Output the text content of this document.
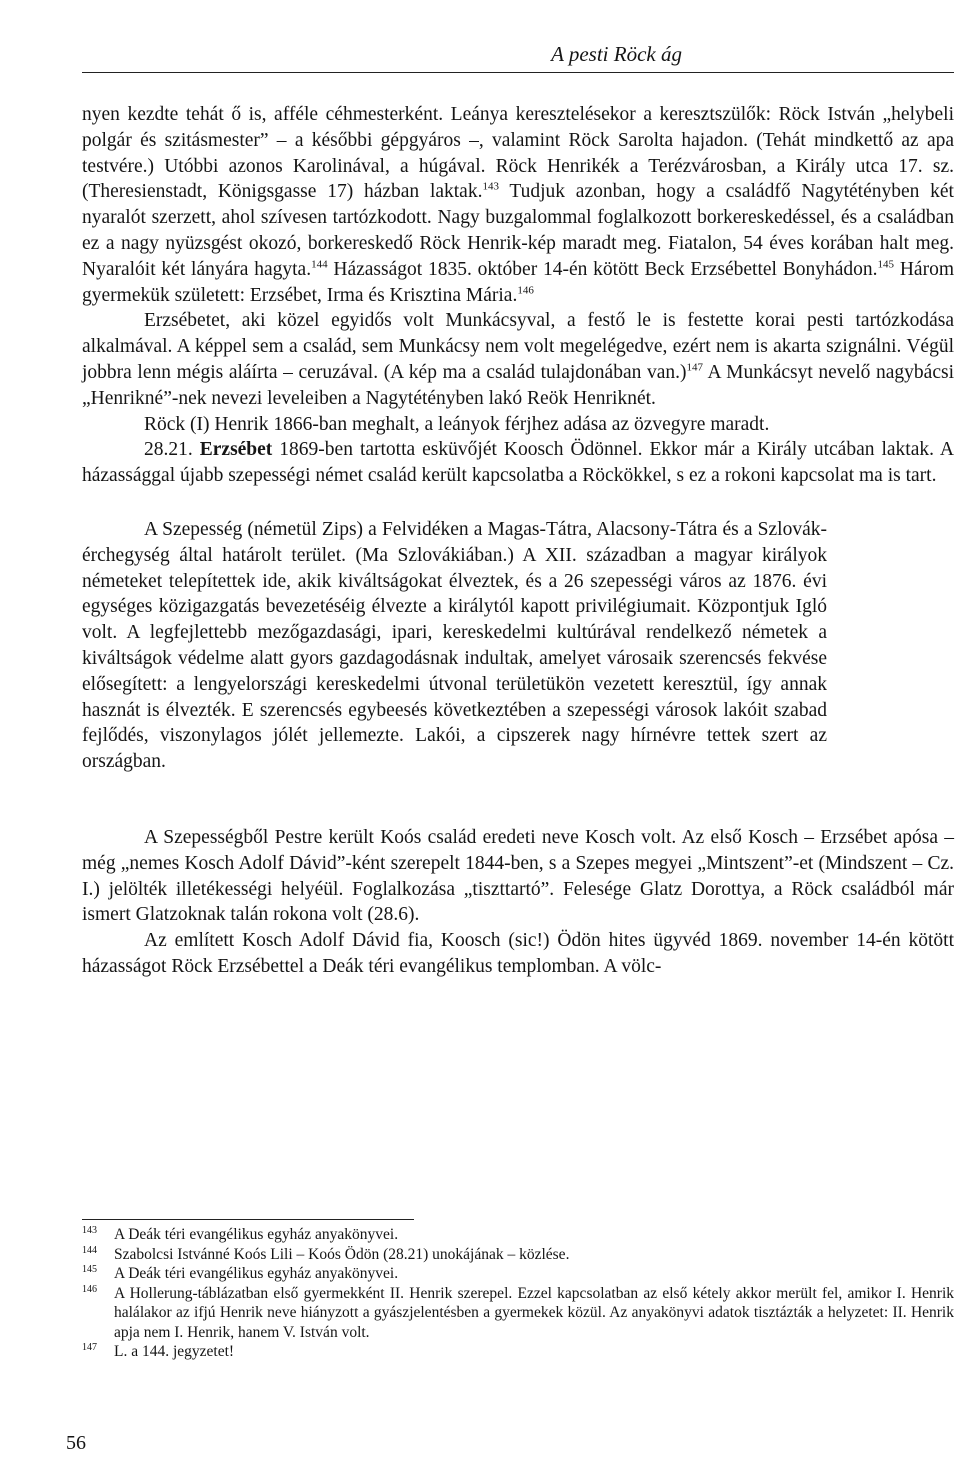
A pesti Röck ág

nyen kezdte tehát ő is, afféle céhmesterként. Leánya keresztelésekor a keresztszülők: Röck István „helybeli polgár és szitásmester” – a későbbi gépgyáros –, valamint Röck Sarolta hajadon. (Tehát mindkettő az apa testvére.) Utóbbi azonos Karolinával, a húgával. Röck Henrikék a Terézvárosban, a Király utca 17. sz. (Theresienstadt, Königsgasse 17) házban laktak.$^{143}$ Tudjuk azonban, hogy a családfő Nagytétényben két nyaralót szerzett, ahol szívesen tartózkodott. Nagy buzgalommal foglalkozott borkereskedéssel, és a családban ez a nagy nyüzsgést okozó, borkereskedő Röck Henrik-kép maradt meg. Fiatalon, 54 éves korában halt meg. Nyaralóit két lányára hagyta.$^{144}$ Házasságot 1835. október 14-én kötött Beck Erzsébettel Bonyhádon.$^{145}$ Három gyermekük született: Erzsébet, Irma és Krisztina Mária.$^{146}$

Erzsébetet, aki közel egyidős volt Munkácsyval, a festő le is festette korai pesti tartózkodása alkalmával. A képpel sem a család, sem Munkácsy nem volt megelégedve, ezért nem is akarta szignálni. Végül jobbra lenn mégis aláírta – ceruzával. (A kép ma a család tulajdonában van.)$^{147}$ A Munkácsyt nevelő nagybácsi „Henrikné”-nek nevezi leveleiben a Nagytétényben lakó Reök Henriknét.

Röck (I) Henrik 1866-ban meghalt, a leányok férjhez adása az özvegyre maradt.

28.21. Erzsébet 1869-ben tartotta esküvőjét Koosch Ödönnel. Ekkor már a Király utcában laktak. A házassággal újabb szepességi német család került kapcsolatba a Röckökkel, s ez a rokoni kapcsolat ma is tart.

A Szepesség (németül Zips) a Felvidéken a Magas-Tátra, Alacsony-Tátra és a Szlovák-érchegység által határolt terület. (Ma Szlovákiában.) A XII. században a magyar királyok németeket telepítettek ide, akik kiváltságokat élveztek, és a 26 szepességi város az 1876. évi egységes közigazgatás bevezetéséig élvezte a királytól kapott privilégiumait. Központjuk Igló volt. A legfejlettebb mezőgazdasági, ipari, kereskedelmi kultúrával rendelkező németek a kiváltságok védelme alatt gyors gazdagodásnak indultak, amelyet városaik szerencsés fekvése elősegített: a lengyelországi kereskedelmi útvonal területükön vezetett keresztül, így annak hasznát is élvezték. E szerencsés egybeesés következtében a szepességi városok lakóit szabad fejlődés, viszonylagos jólét jellemezte. Lakói, a cipszerek nagy hírnévre tettek szert az országban.

A Szepességből Pestre került Koós család eredeti neve Kosch volt. Az első Kosch – Erzsébet apósa – még „nemes Kosch Adolf Dávid”-ként szerepelt 1844-ben, s a Szepes megyei „Mintszent”-et (Mindszent – Cz. I.) jelölték illetékességi helyéül. Foglalkozása „tiszttartó”. Felesége Glatz Dorottya, a Röck családból már ismert Glatzoknak talán rokona volt (28.6).

Az említett Kosch Adolf Dávid fia, Koosch (sic!) Ödön hites ügyvéd 1869. november 14-én kötött házasságot Röck Erzsébettel a Deák téri evangélikus templomban. A völc-

$^{143}$ A Deák téri evangélikus egyház anyakönyvei.
$^{144}$ Szabolcsi Istvánné Koós Lili – Koós Ödön (28.21) unokájának – közlése.
$^{145}$ A Deák téri evangélikus egyház anyakönyvei.
$^{146}$ A Hollerung-táblázatban első gyermekként II. Henrik szerepel. Ezzel kapcsolatban az első kétely akkor merült fel, amikor I. Henrik halálakor az ifjú Henrik neve hiányzott a gyászjelentésben a gyermekek közül. Az anyakönyvi adatok tisztázták a helyzetet: II. Henrik apja nem I. Henrik, hanem V. István volt.
$^{147}$ L. a 144. jegyzetet!
56
